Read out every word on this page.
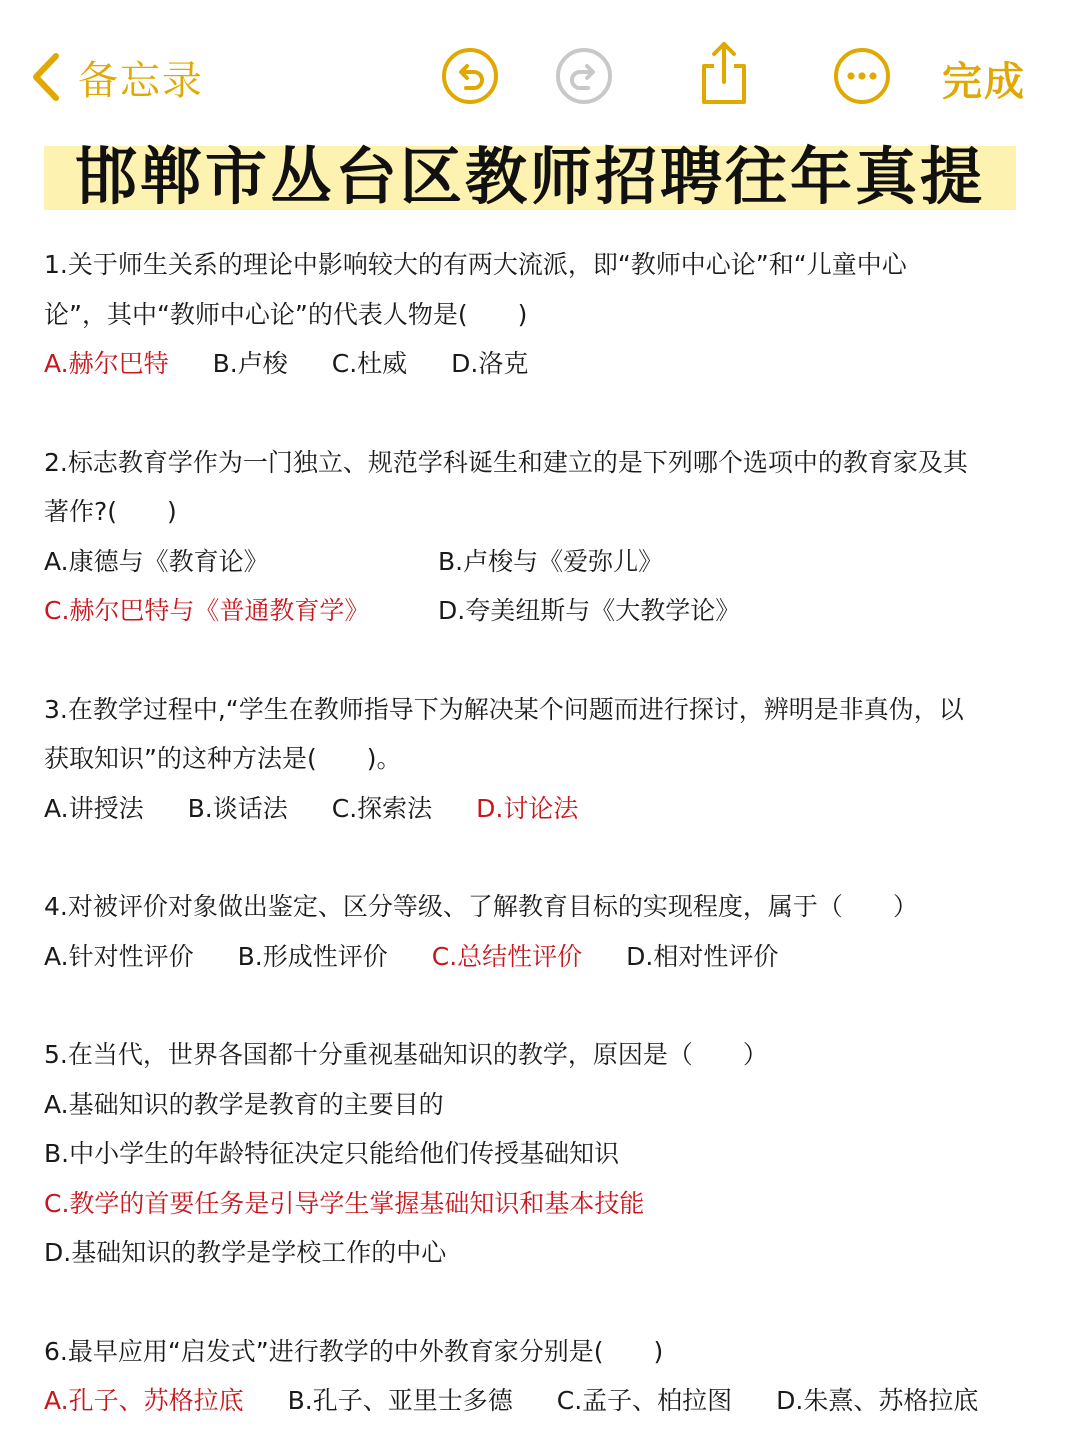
备忘录	完成
邯郸市丛台区教师招聘往年真提
1.关于师生关系的理论中影响较大的有两大流派，即“教师中心论”和“儿童中心
论”，其中“教师中心论”的代表人物是(　　)
A.赫尔巴特 B.卢梭 C.杜威 D.洛克
2.标志教育学作为一门独立、规范学科诞生和建立的是下列哪个选项中的教育家及其
著作?(　　)
A.康德与《教育论》	B.卢梭与《爱弥儿》
C.赫尔巴特与《普通教育学》	D.夸美纽斯与《大教学论》
3.在教学过程中,“学生在教师指导下为解决某个问题而进行探讨，辨明是非真伪，以
获取知识”的这种方法是(　　)。
A.讲授法 B.谈话法 C.探索法 D.讨论法
4.对被评价对象做出鉴定、区分等级、了解教育目标的实现程度，属于（　　）
A.针对性评价 B.形成性评价 C.总结性评价 D.相对性评价
5.在当代，世界各国都十分重视基础知识的教学，原因是（　　）
A.基础知识的教学是教育的主要目的
B.中小学生的年龄特征决定只能给他们传授基础知识
C.教学的首要任务是引导学生掌握基础知识和基本技能
D.基础知识的教学是学校工作的中心
6.最早应用“启发式”进行教学的中外教育家分别是(　　)
A.孔子、苏格拉底 B.孔子、亚里士多德 C.孟子、柏拉图 D.朱熹、苏格拉底
